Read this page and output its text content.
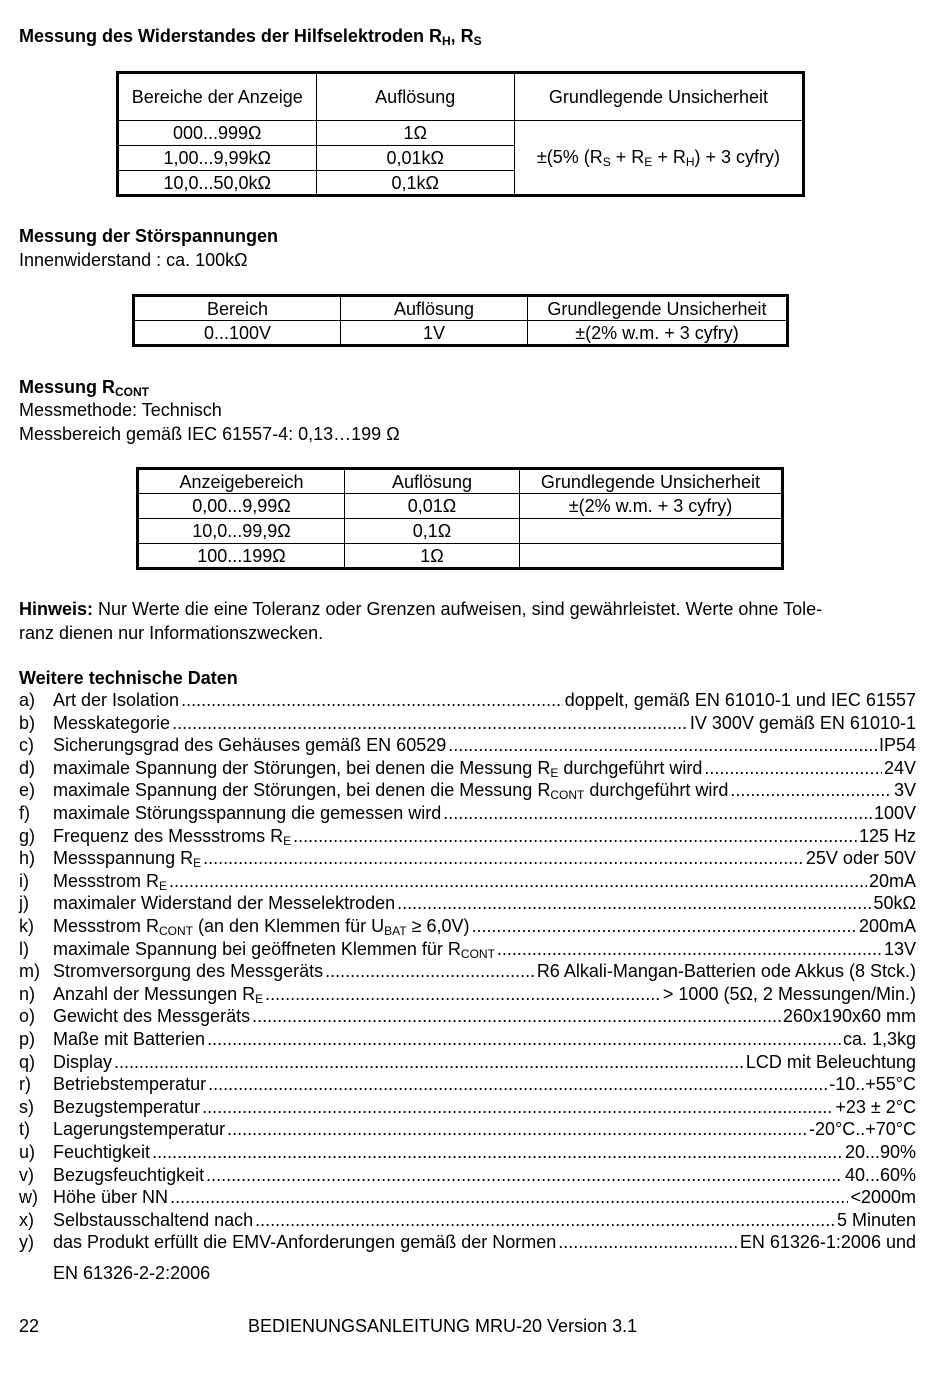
Messung des Widerstandes der Hilfselektroden $R_H$, $R_S$
Bereiche der Anzeige	Auflösung	Grundlegende Unsicherheit
000...999Ω	1Ω	±(5% $(R_S + R_E + R_H) + 3$ cyfry)
1,00...9,99kΩ	0,01kΩ	
10,0...50,0kΩ	0,1kΩ	
Messung der Störspannungen
Innenwiderstand : ca. 100kΩ
Bereich	Auflösung	Grundlegende Unsicherheit
0...100V	1V	±(2% w.m. + 3 cyfry)
Messung $R_{CONT}$
Messmethode: Technisch
Messbereich gemäß IEC 61557-4: 0,13…199 Ω
Anzeigebereich	Auflösung	Grundlegende Unsicherheit
0,00...9,99Ω	0,01Ω	±(2% w.m. + 3 cyfry)
10,0...99,9Ω	0,1Ω	
100...199Ω	1Ω	
Hinweis: Nur Werte die eine Toleranz oder Grenzen aufweisen, sind gewährleistet. Werte ohne Tole-
ranz dienen nur Informationszwecken.
Weitere technische Daten
a) Art der Isolation .....	doppelt, gemäß EN 61010-1 und IEC 61557
b) Messkategorie .....	IV 300V gemäß EN 61010-1
c)	Sicherungsgrad des Gehäuses gemäß EN 60529 .....	IP54
d) maximale Spannung der Störungen, bei denen die Messung $R_E$ durchgeführt wird .....	24V
e) maximale Spannung der Störungen, bei denen die Messung $R_{CONT}$ durchgeführt wird .....	3V
f)	maximale Störungsspannung die gemessen wird .....	100V
g) Frequenz des Messstroms $R_E$ .....	125 Hz
h) Messspannung $R_E$ .....	25V oder 50V
i)	Messstrom $R_E$ .....	20mA
j)	maximaler Widerstand der Messelektroden .....	50kΩ
k)	Messstrom $R_{CONT}$ (an den Klemmen für $U_{BAT} \ge 6,0V$) .....	200mA
l)	maximale Spannung bei geöffneten Klemmen für $R_{CONT}$ .....	13V
m) Stromversorgung des Messgeräts .....	R6 Alkali-Mangan-Batterien ode Akkus (8 Stck.)
n) Anzahl der Messungen $R_E$ .....	> 1000 (5Ω, 2 Messungen/Min.)
o) Gewicht des Messgeräts .....	260x190x60 mm
p) Maße mit Batterien .....	ca. 1,3kg
q) Display .....	LCD mit Beleuchtung
r)	Betriebstemperatur .....	-10..+55°C
s)	Bezugstemperatur .....	+23 ± 2°C
t)	Lagerungstemperatur .....	-20°C..+70°C
u) Feuchtigkeit .....	20...90%
v)	Bezugsfeuchtigkeit .....	40...60%
w) Höhe über NN .....	<2000m
x)	Selbstausschaltend nach .....	5 Minuten
y)	das Produkt erfüllt die EMV-Anforderungen gemäß der Normen .....	EN 61326-1:2006 und
EN 61326-2-2:2006
22	BEDIENUNGSANLEITUNG MRU-20 Version 3.1
